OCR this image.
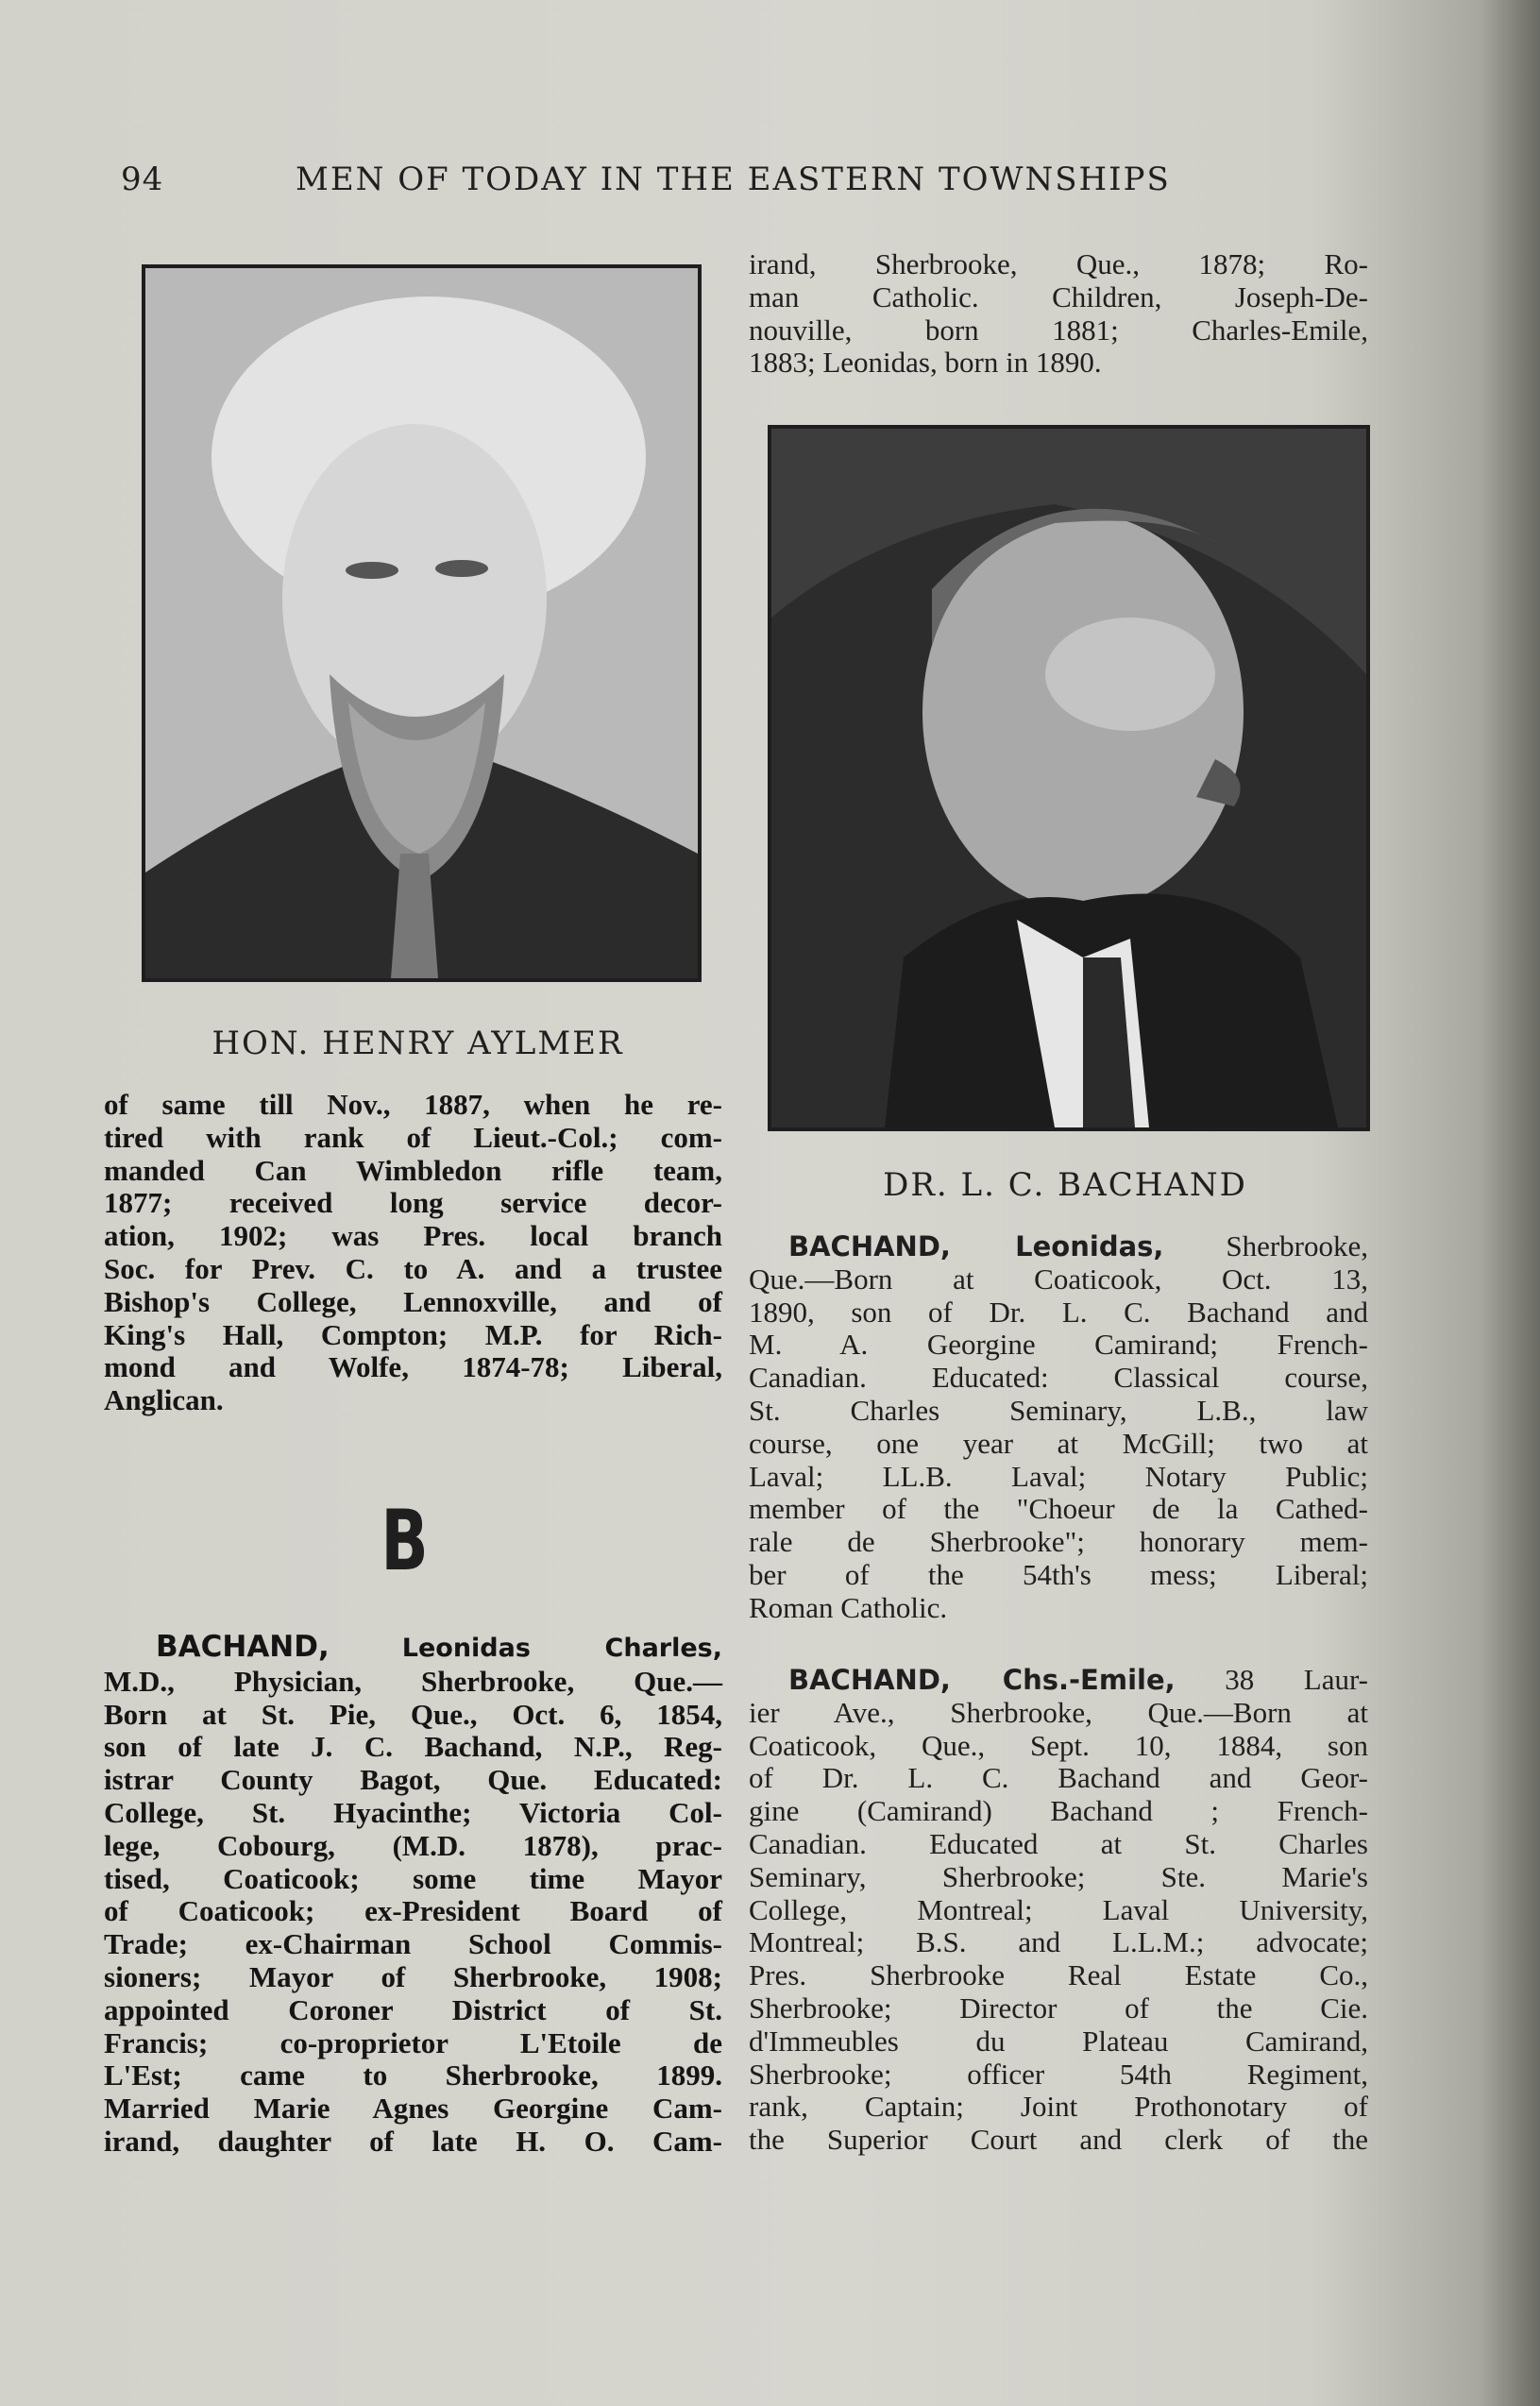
94	MEN OF TODAY IN THE EASTERN TOWNSHIPS
HON. HENRY AYLMER
DR. L. C. BACHAND
irand, Sherbrooke, Que., 1878; Ro-
man Catholic. Children, Joseph-De-
nouville, born 1881; Charles-Emile,
1883; Leonidas, born in 1890.
of same till Nov., 1887, when he re-
tired with rank of Lieut.-Col.; com-
manded Can Wimbledon rifle team,
1877; received long service decor-
ation, 1902; was Pres. local branch
Soc. for Prev. C. to A. and a trustee
Bishop's College, Lennoxville, and of
King's Hall, Compton; M.P. for Rich-
mond and Wolfe, 1874-78; Liberal,
Anglican.
B
BACHAND,	Leonidas Charles,
M.D., Physician, Sherbrooke, Que.—
Born at St. Pie, Que., Oct. 6, 1854,
son of late J. C. Bachand, N.P., Reg-
istrar County Bagot, Que. Educated:
College, St. Hyacinthe; Victoria Col-
lege, Cobourg, (M.D. 1878), prac-
tised, Coaticook; some time Mayor
of Coaticook; ex-President Board of
Trade; ex-Chairman School Commis-
sioners; Mayor of Sherbrooke, 1908;
appointed Coroner District of St.
Francis; co-proprietor L'Etoile de
L'Est; came to Sherbrooke, 1899.
Married Marie Agnes Georgine Cam-
irand, daughter of late H. O. Cam-
BACHAND, Leonidas, Sherbrooke,
Que.—Born at Coaticook, Oct. 13,
1890, son of Dr. L. C. Bachand and
M. A. Georgine Camirand; French-
Canadian. Educated: Classical course,
St. Charles Seminary, L.B., law
course, one year at McGill; two at
Laval; LL.B. Laval; Notary Public;
member of the "Choeur de la Cathed-
rale de Sherbrooke"; honorary mem-
ber of the 54th's mess; Liberal;
Roman Catholic.
BACHAND, Chs.-Emile, 38 Laur-
ier Ave., Sherbrooke, Que.—Born at
Coaticook, Que., Sept. 10, 1884, son
of Dr. L. C. Bachand and Geor-
gine (Camirand) Bachand ; French-
Canadian. Educated at St. Charles
Seminary, Sherbrooke; Ste. Marie's
College, Montreal; Laval University,
Montreal; B.S. and L.L.M.; advocate;
Pres. Sherbrooke Real Estate Co.,
Sherbrooke; Director of the Cie.
d'Immeubles du Plateau Camirand,
Sherbrooke; officer 54th Regiment,
rank, Captain; Joint Prothonotary of
the Superior Court and clerk of the
